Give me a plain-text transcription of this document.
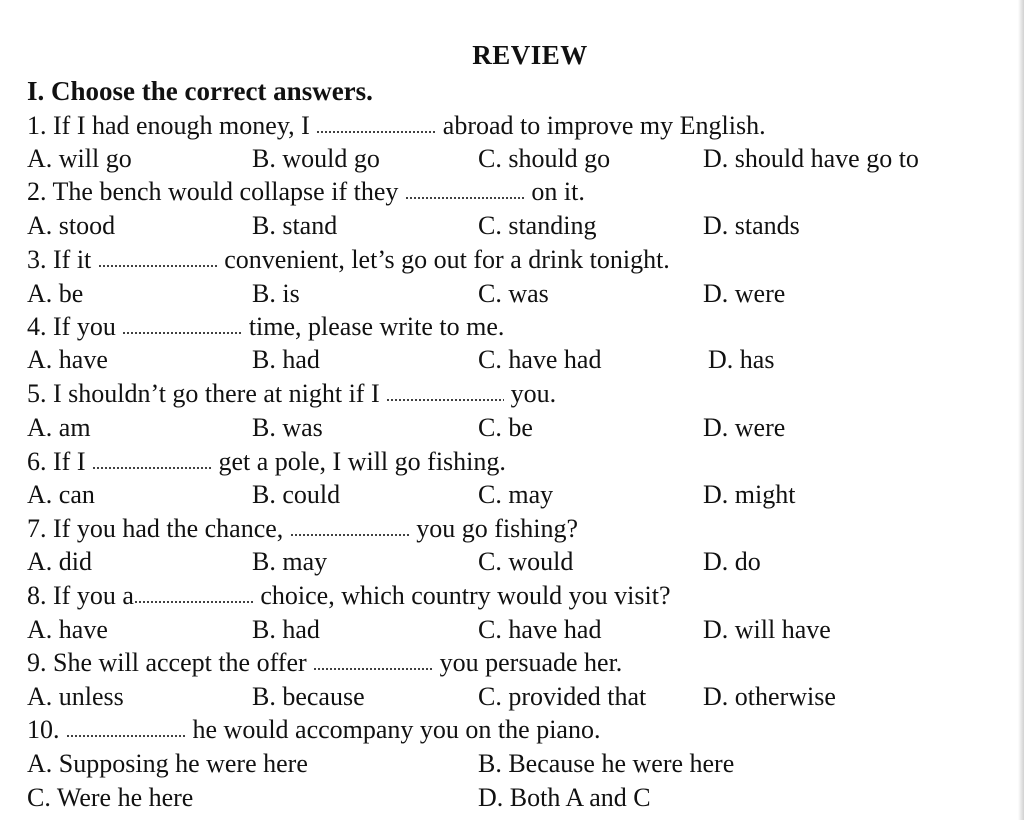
REVIEW
I. Choose the correct answers.
1. If I had enough money, I	abroad to improve my English.
A. will go	B. would go	C. should go	D. should have go to
2. The bench would collapse if they	on it.
A. stood	B. stand	C. standing	D. stands
3. If it	convenient, let’s go out for a drink tonight.
A. be	B. is	C. was	D. were
4. If you	time, please write to me.
A. have	B. had	C. have had	D. has
5. I shouldn’t go there at night if I	you.
A. am	B. was	C. be	D. were
6. If I	get a pole, I will go fishing.
A. can	B. could	C. may	D. might
7. If you had the chance,	you go fishing?
A. did	B. may	C. would	D. do
8. If you a	choice, which country would you visit?
A. have	B. had	C. have had	D. will have
9. She will accept the offer	you persuade her.
A. unless	B. because	C. provided that D. otherwise
10.	he would accompany you on the piano.
A. Supposing he were here	B. Because he were here
C. Were he here	D. Both A and C
